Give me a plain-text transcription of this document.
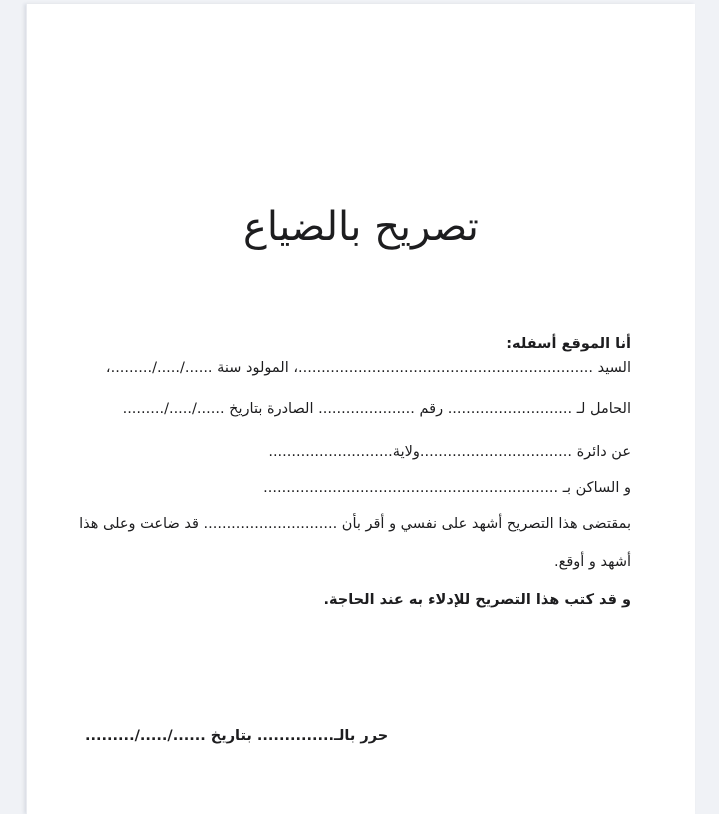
تصريح بالضياع
أنا الموقع أسفله:
السيد ................................................................، المولود سنة ....../...../.........،
الحامل لـ ........................... رقم ..................... الصادرة بتاريخ ....../...../.........
عن دائرة .................................ولاية...........................
و الساكن بـ ................................................................
بمقتضى هذا التصريح أشهد على نفسي و أقر بأن ............................. قد ضاعت وعلى هذا
أشهد و أوقع.
و قد كتب هذا التصريح للإدلاء به عند الحاجة.
حرر بالـ.............. بتاريخ ....../...../.........
